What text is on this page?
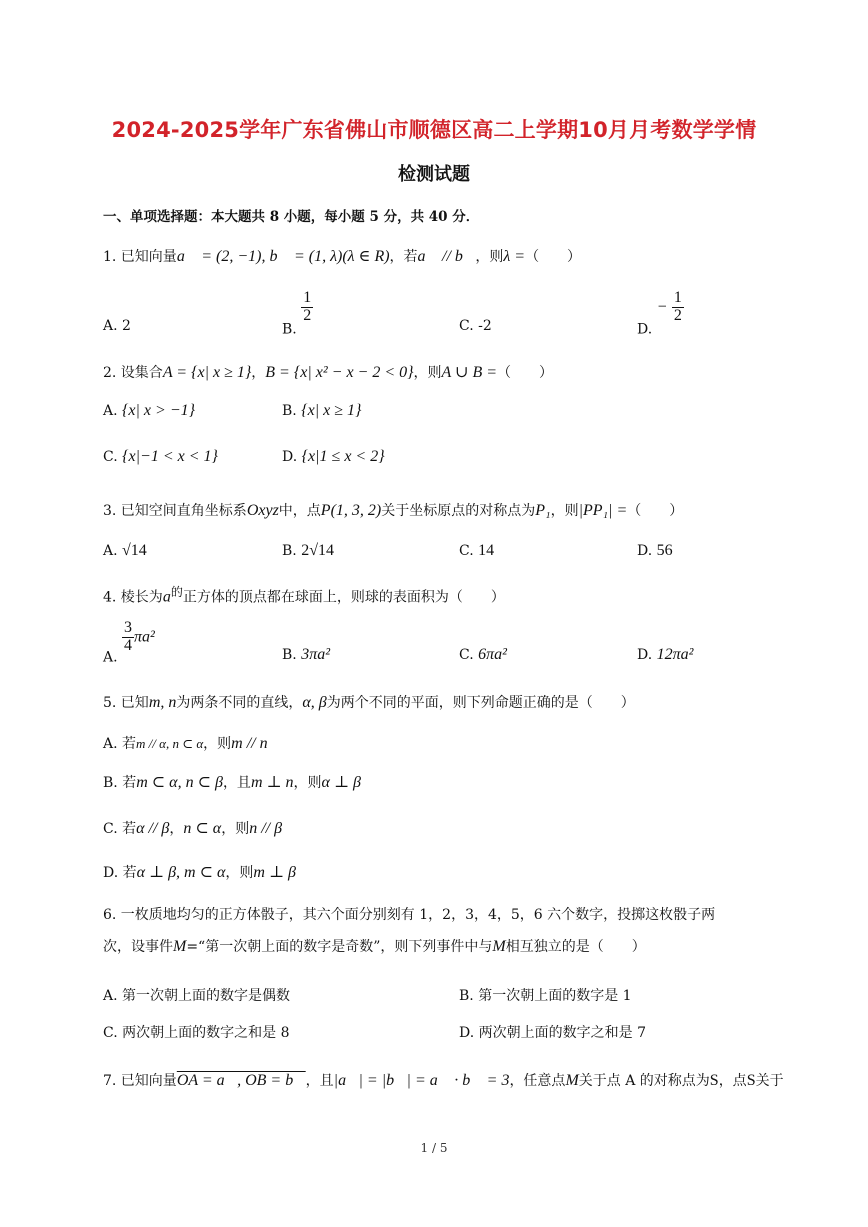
2024-2025学年广东省佛山市顺德区高二上学期10月月考数学学情
检测试题
一、单项选择题：本大题共 8 小题，每小题 5 分，共 40 分．
1. 已知向量a⃗ = (2, −1), b⃗ = (1, λ)(λ ∈ R)，若a⃗ // b⃗，则λ =（　　）
A. 2	B.
$\frac{1}{2}$
C. -2	D. − $\frac{1}{2}$
2. 设集合A = {x| x ≥ 1}，B = {x| x² − x − 2 < 0}，则A ∪ B =（　　）
A. {x| x > −1}	B. {x| x ≥ 1}
C. {x|−1 < x < 1}	D. {x|1 ≤ x < 2}
3. 已知空间直角坐标系Oxyz中，点P(1, 3, 2)关于坐标原点的对称点为P₁，则|PP₁| =（　　）
A. √14	B. 2√14	C. 14	D. 56
4. 棱长为$a^的$正方体的顶点都在球面上，则球的表面积为（　　）
A.
$\frac{3}{4} \pi a^2$
B. 3πa²	C. 6πa²	D. 12πa²
5. 已知m, n为两条不同的直线，α, β为两个不同的平面，则下列命题正确的是（　　）
A. 若m // α, n ⊂ α，则m // n
B. 若m ⊂ α, n ⊂ β，且m ⊥ n，则α ⊥ β
C. 若α // β，n ⊂ α，则n // β
D. 若α ⊥ β, m ⊂ α，则m ⊥ β
6. 一枚质地均匀的正方体骰子，其六个面分别刻有 1，2，3，4，5，6 六个数字，投掷这枚骰子两
次，设事件M=“第一次朝上面的数字是奇数”，则下列事件中与M相互独立的是（　　）
A. 第一次朝上面的数字是偶数	B. 第一次朝上面的数字是 1
C. 两次朝上面的数字之和是 8	D. 两次朝上面的数字之和是 7
7. 已知向量OA = a⃗, OB = b⃗，且|a⃗| = |b⃗| = a⃗ · b⃗ = 3，任意点M关于点 A 的对称点为S，点S关于
1 / 5
